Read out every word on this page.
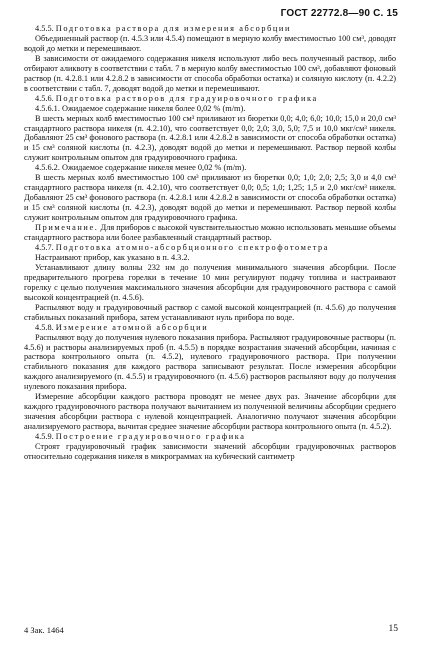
ГОСТ 22772.8—90 С. 15

4.5.5. Подготовка раствора для измерения абсорбции

Объединенный раствор (п. 4.5.3 или 4.5.4) помещают в мерную колбу вместимостью 100 см³, доводят водой до метки и перемешивают.

В зависимости от ожидаемого содержания никеля используют либо весь полученный раствор, либо отбирают аликвоту в соответствии с табл. 7 в мерную колбу вместимостью 100 см³, добавляют фоновый раствор (п. 4.2.8.1 или 4.2.8.2 в зависимости от способа обработки остатка) и соляную кислоту (п. 4.2.2) в соответствии с табл. 7, доводят водой до метки и перемешивают.

4.5.6. Подготовка растворов для градуировочного графика

4.5.6.1. Ожидаемое содержание никеля более 0,02 % (m/m).

В шесть мерных колб вместимостью 100 см³ приливают из бюретки 0,0; 4,0; 6,0; 10,0; 15,0 и 20,0 см³ стандартного раствора никеля (п. 4.2.10), что соответствует 0,0; 2,0; 3,0, 5,0; 7,5 и 10,0 мкг/см³ никеля. Добавляют 25 см³ фонового раствора (п. 4.2.8.1 или 4.2.8.2 в зависимости от способа обработки остатка) и 15 см³ соляной кислоты (п. 4.2.3), доводят водой до метки и перемешивают. Раствор первой колбы служит контрольным опытом для градуировочного графика.

4.5.6.2. Ожидаемое содержание никеля менее 0,02 % (m/m).

В шесть мерных колб вместимостью 100 см³ приливают из бюретки 0,0; 1,0; 2,0; 2,5; 3,0 и 4,0 см³ стандартного раствора никеля (п. 4.2.10), что соответствует 0,0; 0,5; 1,0; 1,25; 1,5 и 2,0 мкг/см³ никеля. Добавляют 25 см³ фонового раствора (п. 4.2.8.1 или 4.2.8.2 в зависимости от способа обработки остатка) и 15 см³ соляной кислоты (п. 4.2.3), доводят водой до метки и перемешивают. Раствор первой колбы служит контрольным опытом для градуировочного графика.

Примечание. Для приборов с высокой чувствительностью можно использовать меньшие объемы стандартного раствора или более разбавленный стандартный раствор.

4.5.7. Подготовка атомно-абсорбционного спектрофотометра

Настраивают прибор, как указано в п. 4.3.2.

Устанавливают длину волны 232 нм до получения минимального значения абсорбции. После предварительного прогрева горелки в течение 10 мин регулируют подачу топлива и настраивают горелку с целью получения максимального значения абсорбции для градуировочного раствора с самой высокой концентрацией (п. 4.5.6).

Распыляют воду и градуировочный раствор с самой высокой концентрацией (п. 4.5.6) до получения стабильных показаний прибора, затем устанавливают нуль прибора по воде.

4.5.8. Измерение атомной абсорбции

Распыляют воду до получения нулевого показания прибора. Распыляют градуировочные растворы (п. 4.5.6) и растворы анализируемых проб (п. 4.5.5) в порядке возрастания значений абсорбции, начиная с раствора контрольного опыта (п. 4.5.2), нулевого градуировочного раствора. При получении стабильного показания для каждого раствора записывают результат. После измерения абсорбции каждого анализируемого (п. 4.5.5) и градуировочного (п. 4.5.6) растворов распыляют воду до получения нулевого показания прибора.

Измерение абсорбции каждого раствора проводят не менее двух раз. Значение абсорбции для каждого градуировочного раствора получают вычитанием из полученной величины абсорбции среднего значения абсорбции раствора с нулевой концентрацией. Аналогично получают значения абсорбции анализируемого раствора, вычитая среднее значение абсорбции раствора контрольного опыта (п. 4.5.2).

4.5.9. Построение градуировочного графика

Строят градуировочный график зависимости значений абсорбции градуировочных растворов относительно содержания никеля в микрограммах на кубический сантиметр

4 Зак. 1464	15
